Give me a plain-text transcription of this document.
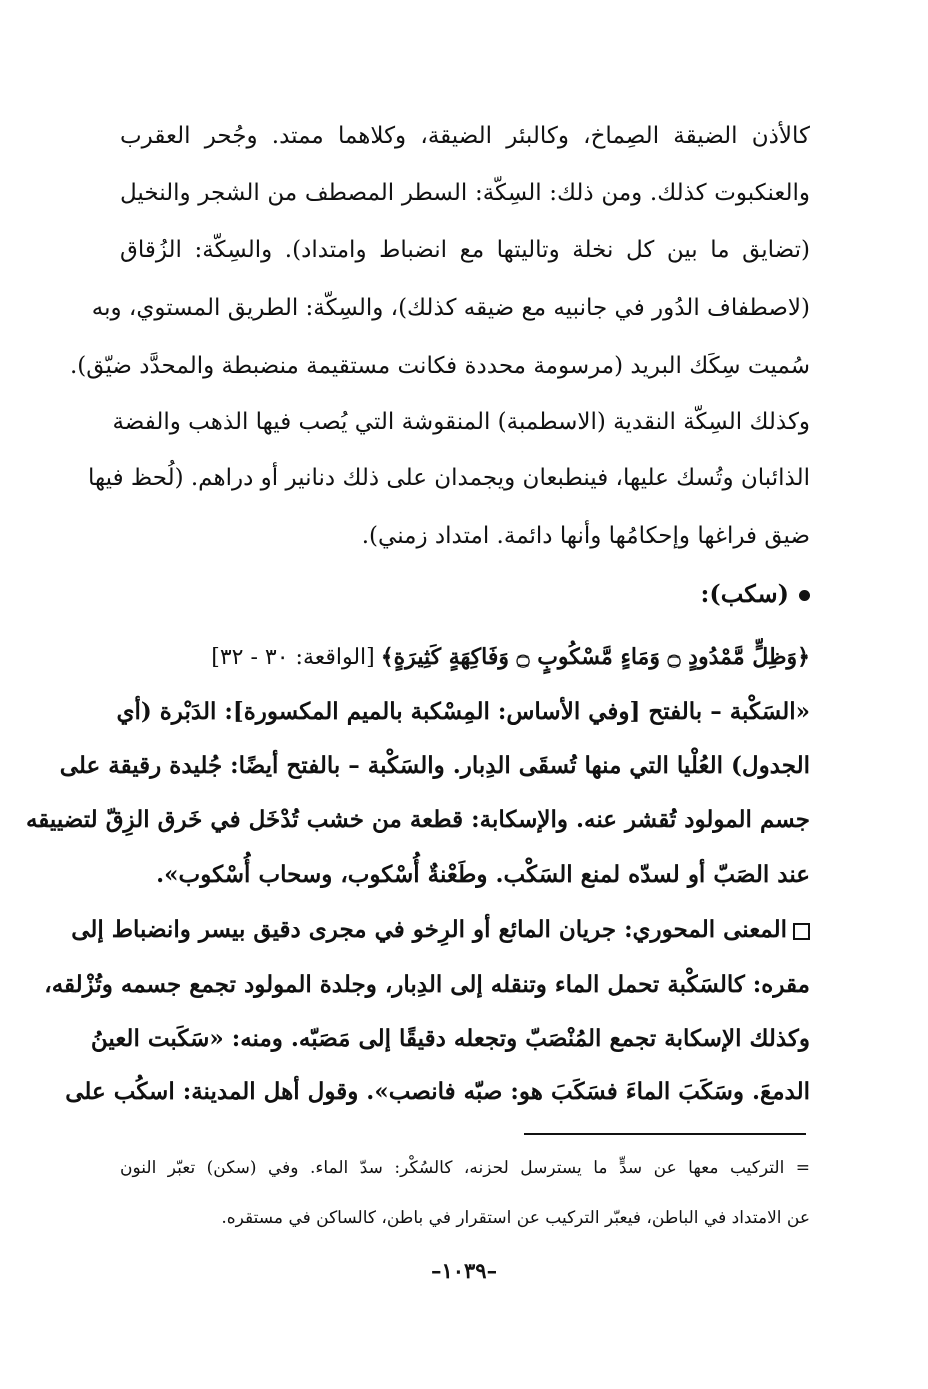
كالأذن الضيقة الصِماخ، وكالبئر الضيقة، وكلاهما ممتد. وجُحر العقرب
والعنكبوت كذلك. ومن ذلك: السِكّة: السطر المصطف من الشجر والنخيل
(تضايق ما بين كل نخلة وتاليتها مع انضباط وامتداد). والسِكّة: الزُقاق
(لاصطفاف الدُور في جانبيه مع ضيقه كذلك)، والسِكّة: الطريق المستوي، وبه
سُميت سِكَك البريد (مرسومة محددة فكانت مستقيمة منضبطة والمحدَّد ضيّق).
وكذلك السِكّة النقدية (الاسطمبة) المنقوشة التي يُصب فيها الذهب والفضة
الذائبان وتُسك عليها، فينطبعان ويجمدان على ذلك دنانير أو دراهم. (لُحظ فيها
ضيق فراغها وإحكامُها وأنها دائمة. امتداد زمني).
(سكب):
﴿وَظِلٍّ مَّمْدُودٍ ۝ وَمَاءٍ مَّسْكُوبٍ ۝ وَفَاكِهَةٍ كَثِيرَةٍ﴾[الواقعة: ٣٠ - ٣٢]
«السَكْبة – بالفتح [وفي الأساس: المِسْكبة بالميم المكسورة]: الدَبْرة (أي
الجدول) العُلْيا التي منها تُسقَى الدِبار. والسَكْبة – بالفتح أيضًا: جُليدة رقيقة على
جسم المولود تُقشر عنه. والإسكابة: قطعة من خشب تُدْخَل في خَرق الزِقّ لتضييقه
عند الصَبّ أو لسدّه لمنع السَكْب. وطَعْنةٌ أُسْكوب، وسحاب أُسْكوب».
المعنى المحوري: جريان المائع أو الرِخو في مجرى دقيق بيسر وانضباط إلى
مقره: كالسَكْبة تحمل الماء وتنقله إلى الدِبار، وجلدة المولود تجمع جسمه وتُزْلقه،
وكذلك الإسكابة تجمع المُنْصَبّ وتجعله دقيقًا إلى مَصَبّه. ومنه: «سَكَبت العينُ
الدمعَ. وسَكَبَ الماءَ فسَكَبَ هو: صبّه فانصب». وقول أهل المدينة: اسكُب على
= التركيب معها عن سدٍّ ما يسترسل لحزنه، كالسُكْر: سدّ الماء. وفي (سكن) تعبّر النون
عن الامتداد في الباطن، فيعبّر التركيب عن استقرار في باطن، كالساكن في مستقره.
–١٠٣٩–
